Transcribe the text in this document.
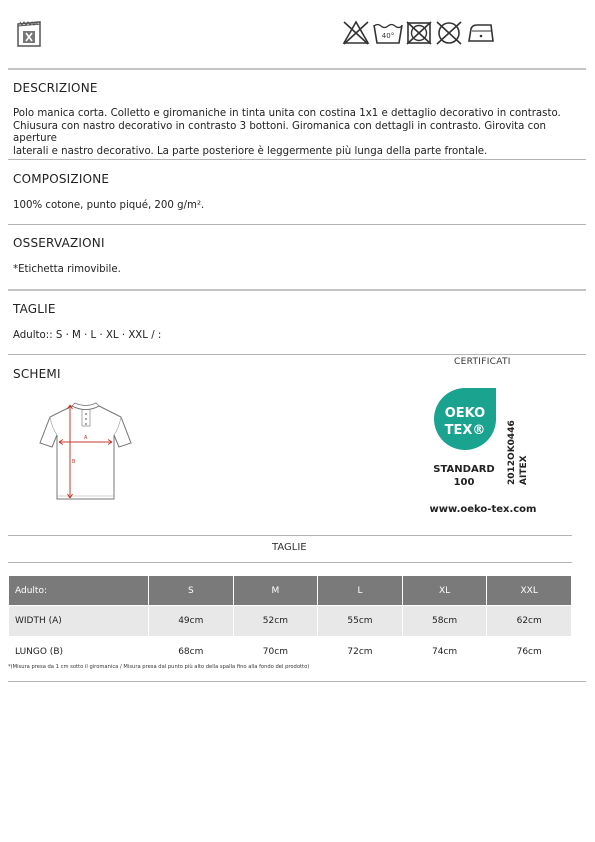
40°
DESCRIZIONE
Polo manica corta. Colletto e giromaniche in tinta unita con costina 1x1 e dettaglio decorativo in contrasto.
Chiusura con nastro decorativo in contrasto 3 bottoni. Giromanica con dettagli in contrasto. Girovita con aperture
laterali e nastro decorativo. La parte posteriore è leggermente più lunga della parte frontale.
COMPOSIZIONE
100% cotone, punto piqué, 200 g/m².
OSSERVAZIONI
*Etichetta rimovibile.
TAGLIE
Adulto:: S · M · L · XL · XXL / :
SCHEMI
A
B
CERTIFICATI
OEKO
TEX®
STANDARD
100	2012OK0446 AITEX
www.oeko-tex.com
TAGLIE
Adulto:	S	M	L	XL	XXL
WIDTH (A)	49cm	52cm	55cm	58cm	62cm
LUNGO (B)	68cm	70cm	72cm	74cm	76cm
*(Misura presa da 1 cm sotto il giromanica / Misura presa dal punto più alto della spalla fino alla fondo del prodotto)
